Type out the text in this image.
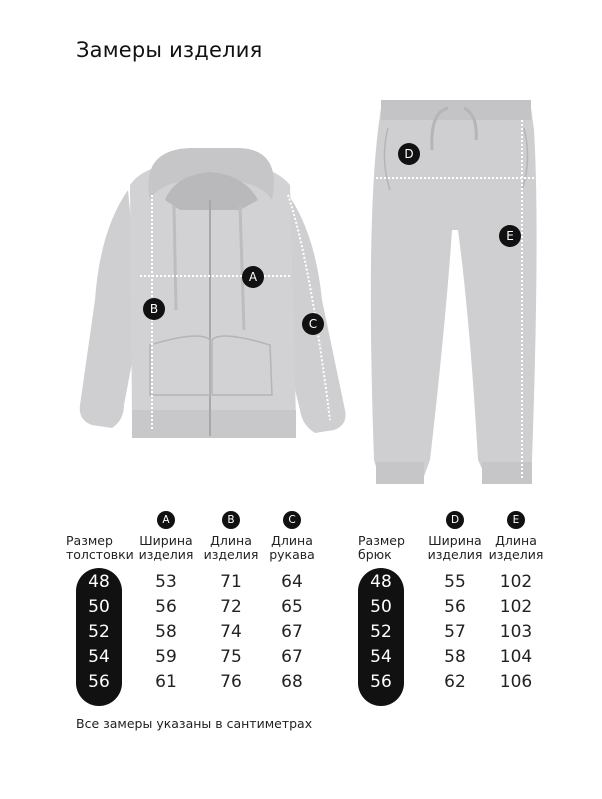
Замеры изделия
A
B
C
D
E
Размер
толстовки
A
Ширина
изделия
B
Длина
изделия
C
Длина
рукава
48
50
52
54
56
53
56
58
59
61
71
72
74
75
76
64
65
67
67
68
Размер
брюк
D
Ширина
изделия
E
Длина
изделия
48
50
52
54
56
55
56
57
58
62
102
102
103
104
106
Все замеры указаны в сантиметрах
